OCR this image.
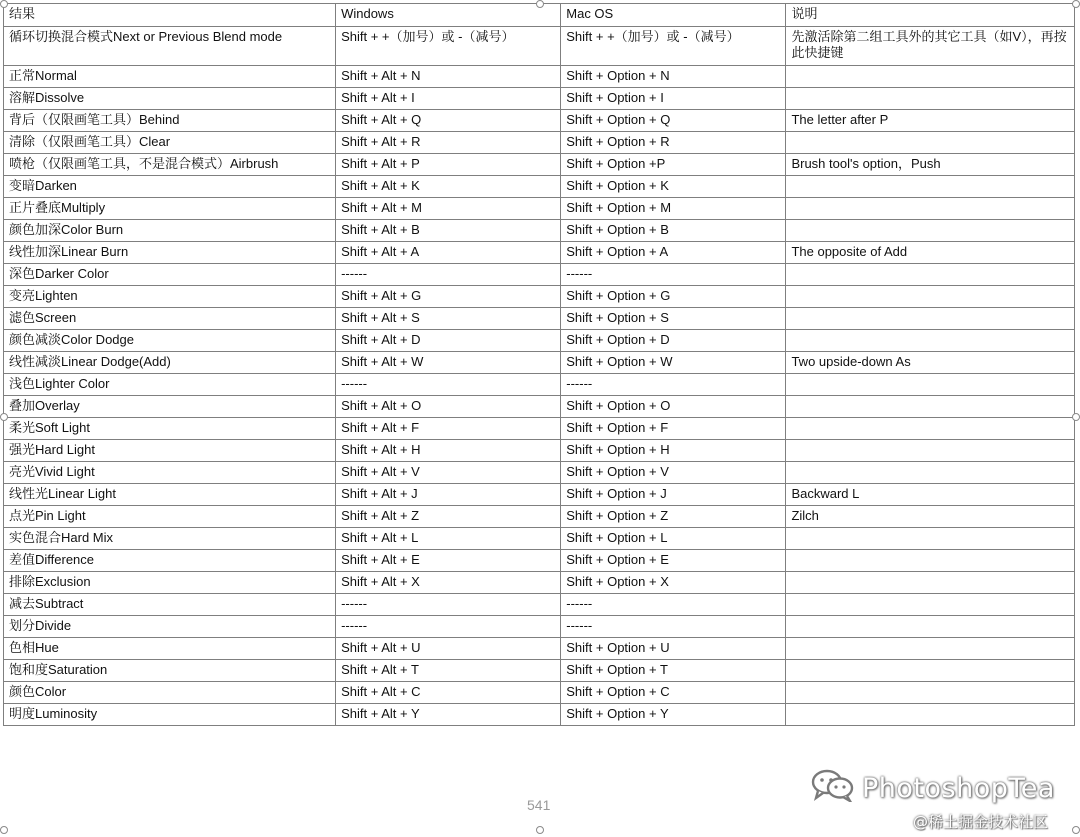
结果	Windows	Mac OS	说明
循环切换混合模式Next or Previous Blend mode	Shift + +（加号）或 -（减号）	Shift + +（加号）或 -（减号）	先激活除第二组工具外的其它工具（如V），再按此快捷键
正常Normal	Shift + Alt + N	Shift + Option + N	
溶解Dissolve	Shift + Alt + I	Shift + Option + I	
背后（仅限画笔工具）Behind	Shift + Alt + Q	Shift + Option + Q	The letter after P
清除（仅限画笔工具）Clear	Shift + Alt + R	Shift + Option + R	
喷枪（仅限画笔工具，不是混合模式）Airbrush	Shift + Alt + P	Shift + Option +P	Brush tool's option，Push
变暗Darken	Shift + Alt + K	Shift + Option + K	
正片叠底Multiply	Shift + Alt + M	Shift + Option + M	
颜色加深Color Burn	Shift + Alt + B	Shift + Option + B	
线性加深Linear Burn	Shift + Alt + A	Shift + Option + A	The opposite of Add
深色Darker Color	------	------	
变亮Lighten	Shift + Alt + G	Shift + Option + G	
滤色Screen	Shift + Alt + S	Shift + Option + S	
颜色减淡Color Dodge	Shift + Alt + D	Shift + Option + D	
线性减淡Linear Dodge(Add)	Shift + Alt + W	Shift + Option + W	Two upside-down As
浅色Lighter Color	------	------	
叠加Overlay	Shift + Alt + O	Shift + Option + O	
柔光Soft Light	Shift + Alt + F	Shift + Option + F	
强光Hard Light	Shift + Alt + H	Shift + Option + H	
亮光Vivid Light	Shift + Alt + V	Shift + Option + V	
线性光Linear Light	Shift + Alt + J	Shift + Option + J	Backward L
点光Pin Light	Shift + Alt + Z	Shift + Option + Z	Zilch
实色混合Hard Mix	Shift + Alt + L	Shift + Option + L	
差值Difference	Shift + Alt + E	Shift + Option + E	
排除Exclusion	Shift + Alt + X	Shift + Option + X	
减去Subtract	------	------	
划分Divide	------	------	
色相Hue	Shift + Alt + U	Shift + Option + U	
饱和度Saturation	Shift + Alt + T	Shift + Option + T	
颜色Color	Shift + Alt + C	Shift + Option + C	
明度Luminosity	Shift + Alt + Y	Shift + Option + Y	
541
PhotoshopTea
@稀土掘金技术社区
